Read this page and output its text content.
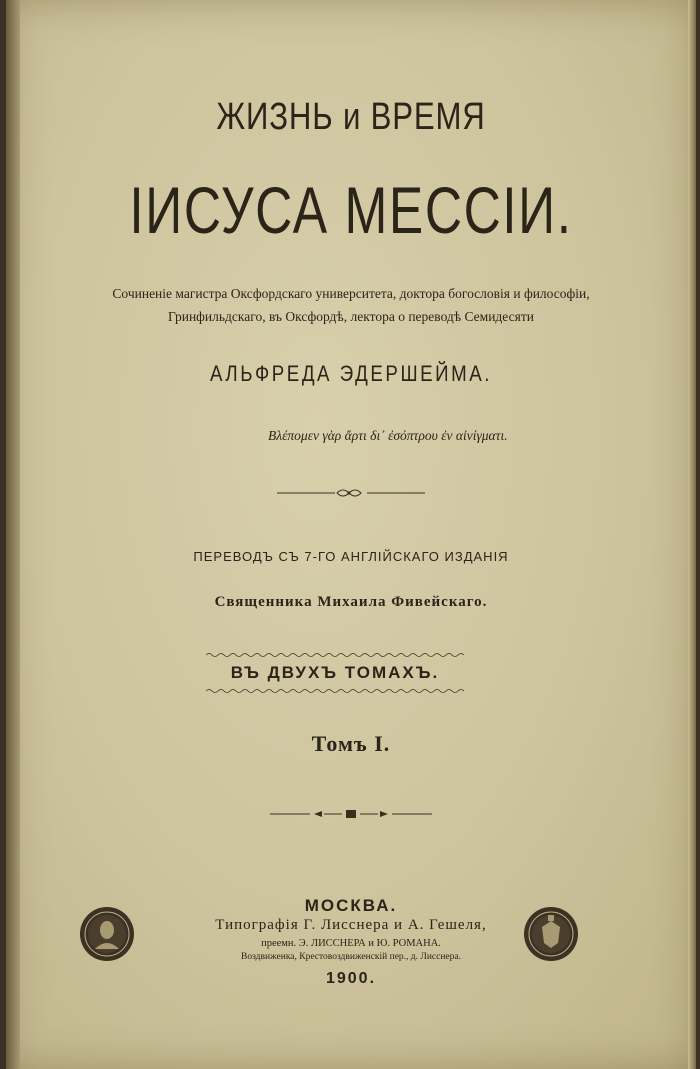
ЖИЗНЬ и ВРЕМЯ
ІИСУСА МЕССІИ.
Сочиненіе магистра Оксфордскаго университета, доктора богословія и философіи,
Гринфильдскаго, въ Оксфордѣ, лектора о переводѣ Семидесяти
АЛЬФРЕДА ЭДЕРШЕЙМА.
Βλέπομεν γὰρ ἄρτι δι᾽ ἐσόπτρου ἐν αἰνίγματι.
ПЕРЕВОДЪ СЪ 7-ГО АНГЛІЙСКАГО ИЗДАНІЯ
Священника Михаила Фивейскаго.
ВЪ ДВУХЪ ТОМАХЪ.
Томъ I.
МОСКВА.
Типографія Г. Лисснера и А. Гешеля,
преемн. Э. ЛИССНЕРА и Ю. РОМАНА.
Воздвиженка, Крестовоздвиженскій пер., д. Лисснера.
1900.
